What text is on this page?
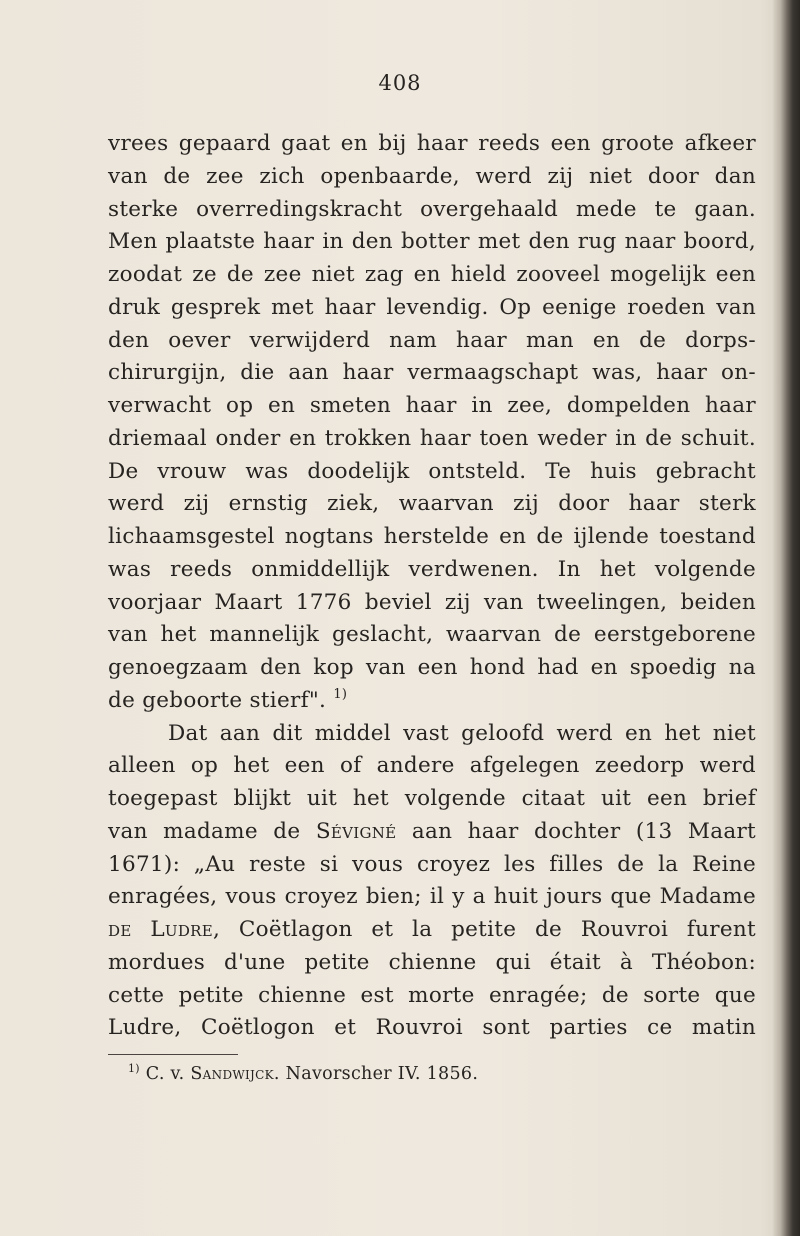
408
vrees gepaard gaat en bij haar reeds een groote afkeer
van de zee zich openbaarde, werd zij niet door dan
sterke overredingskracht overgehaald mede te gaan.
Men plaatste haar in den botter met den rug naar boord,
zoodat ze de zee niet zag en hield zooveel mogelijk een
druk gesprek met haar levendig. Op eenige roeden van
den oever verwijderd nam haar man en de dorps-
chirurgijn, die aan haar vermaagschapt was, haar on-
verwacht op en smeten haar in zee, dompelden haar
driemaal onder en trokken haar toen weder in de schuit.
De vrouw was doodelijk ontsteld. Te huis gebracht
werd zij ernstig ziek, waarvan zij door haar sterk
lichaamsgestel nogtans herstelde en de ijlende toestand
was reeds onmiddellijk verdwenen. In het volgende
voorjaar Maart 1776 beviel zij van tweelingen, beiden
van het mannelijk geslacht, waarvan de eerstgeborene
genoegzaam den kop van een hond had en spoedig na
de geboorte stierf". $^{1)}$
Dat aan dit middel vast geloofd werd en het niet
alleen op het een of andere afgelegen zeedorp werd
toegepast blijkt uit het volgende citaat uit een brief
van madame de Sévigné aan haar dochter (13 Maart
1671): „Au reste si vous croyez les filles de la Reine
enragées, vous croyez bien; il y a huit jours que Madame
de Ludre, Coëtlagon et la petite de Rouvroi furent
mordues d'une petite chienne qui était à Théobon:
cette petite chienne est morte enragée; de sorte que
Ludre, Coëtlogon et Rouvroi sont parties ce matin
$^{1)}$ C. v. Sandwijck. Navorscher IV. 1856.
